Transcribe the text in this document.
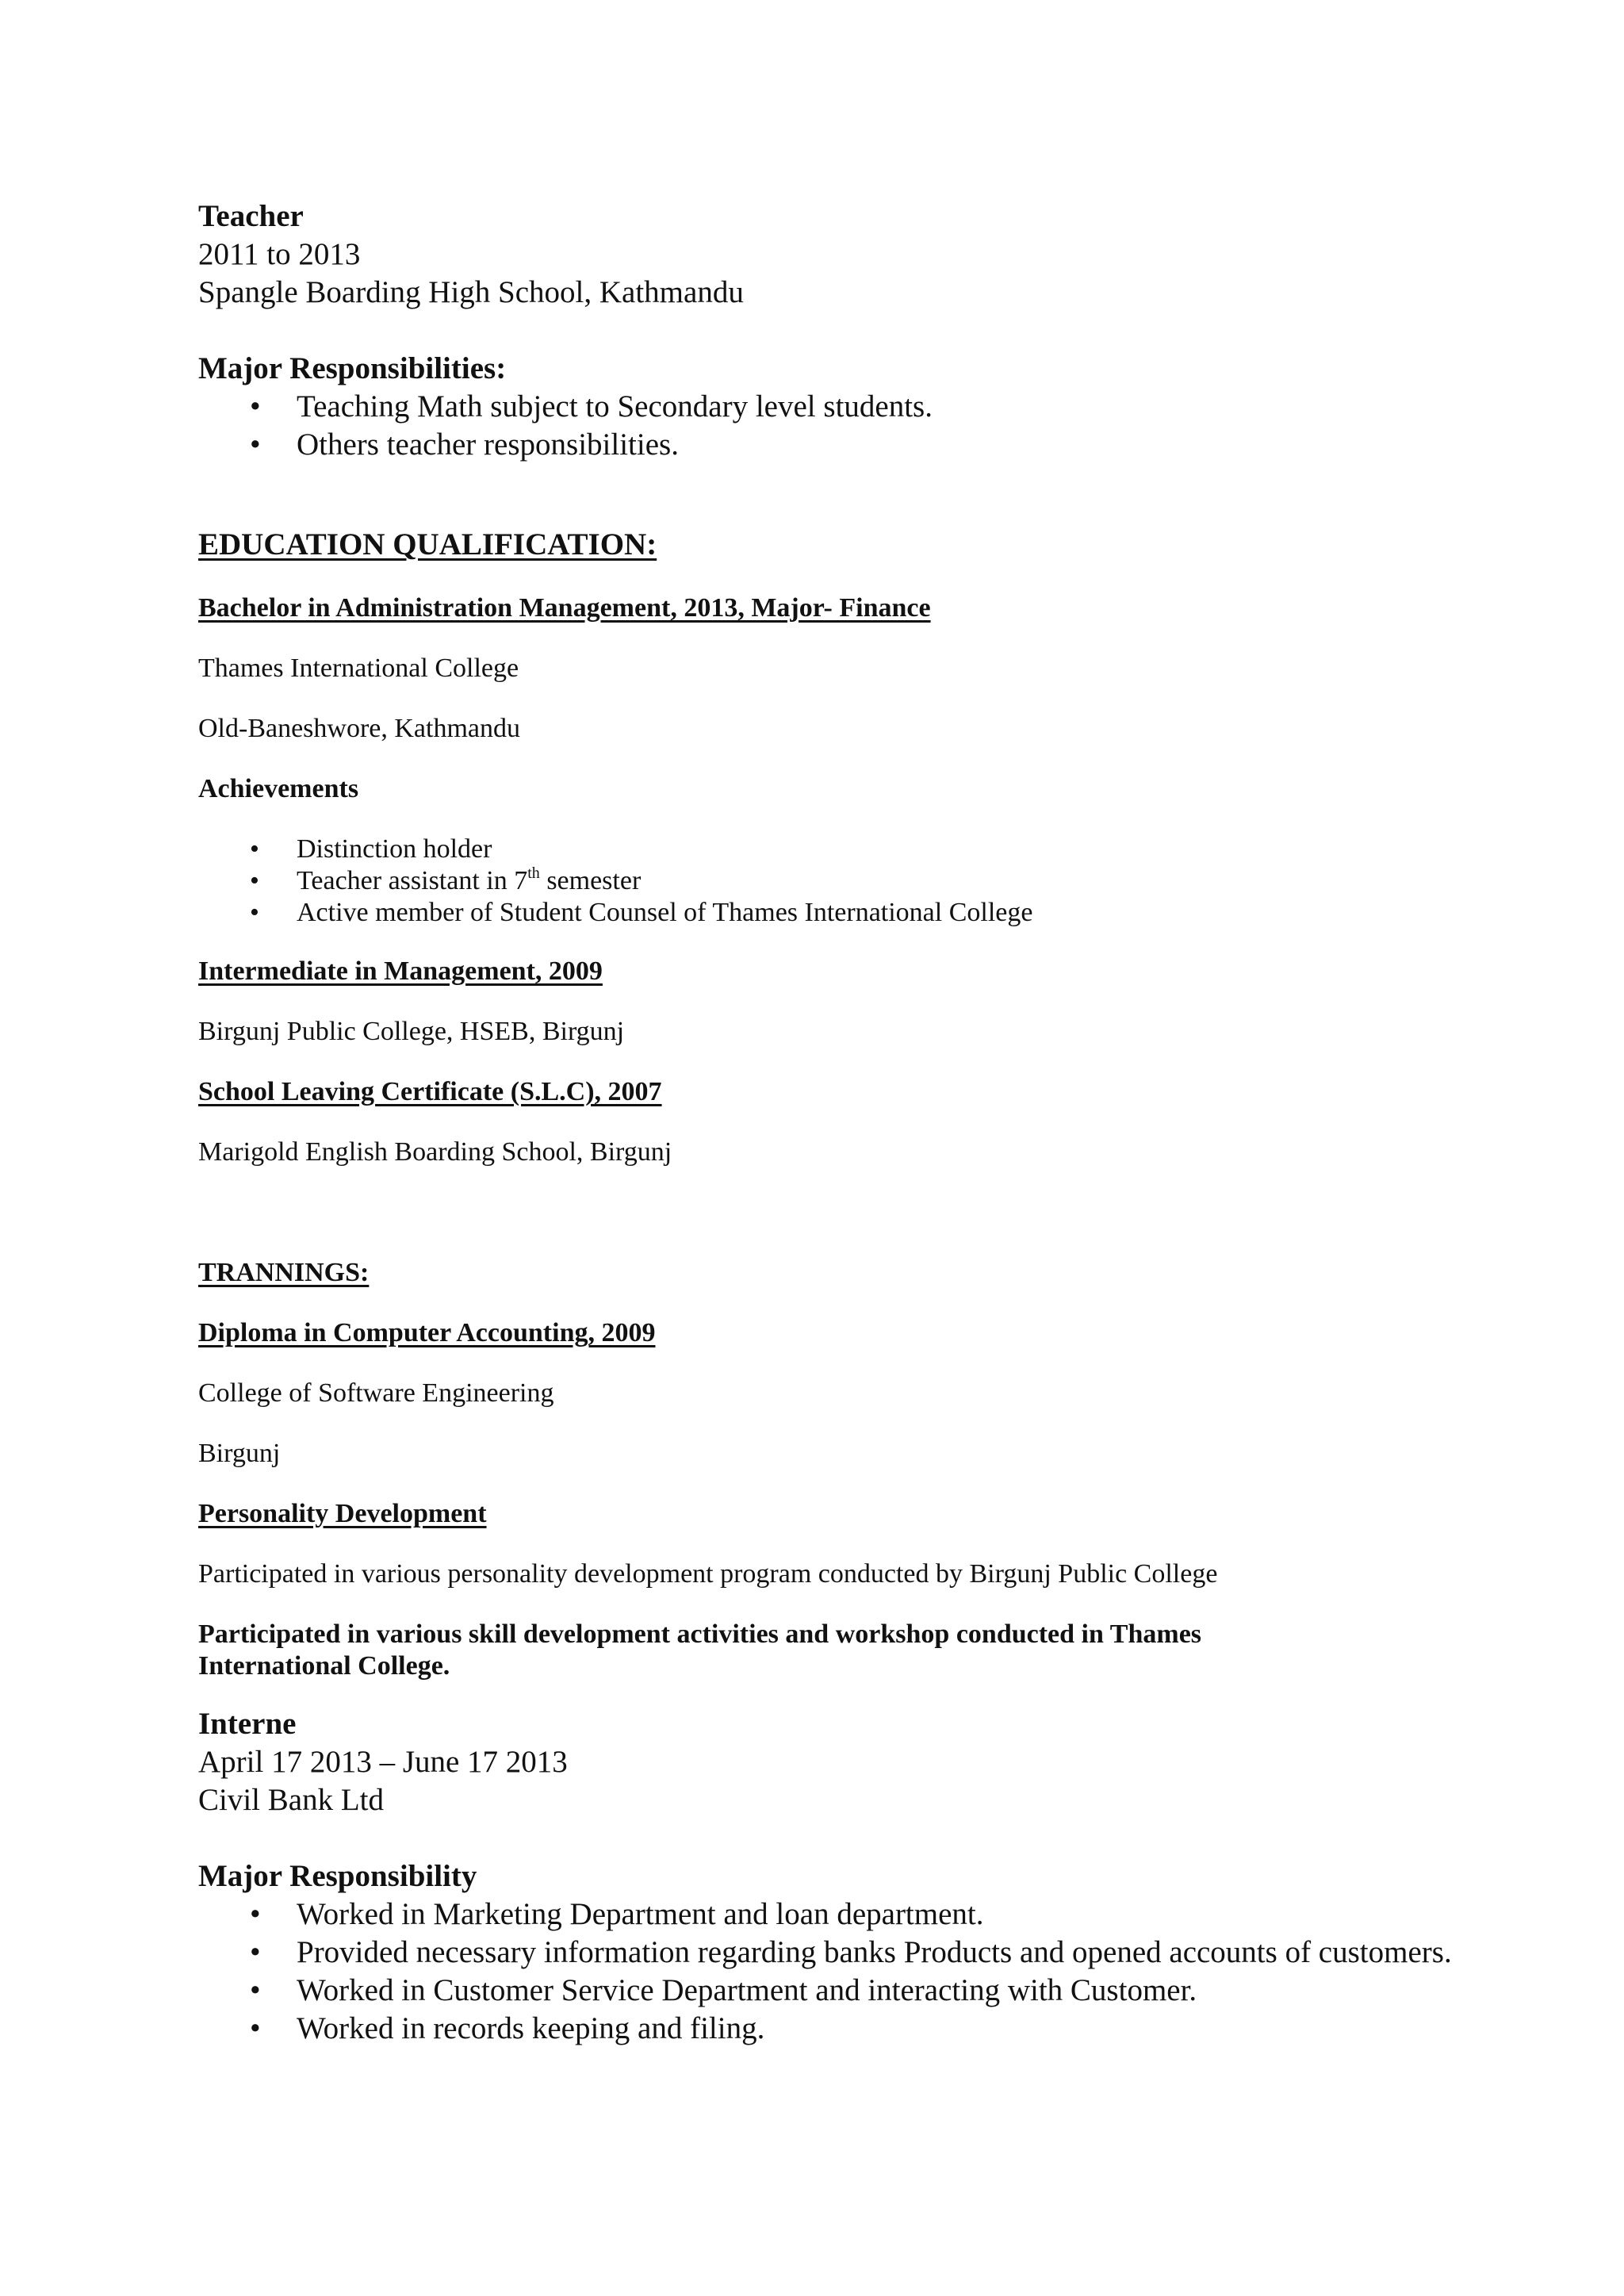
Teacher
2011 to 2013
Spangle Boarding High School, Kathmandu
Major Responsibilities:
• Teaching Math subject to Secondary level students.
• Others teacher responsibilities.
EDUCATION QUALIFICATION:
Bachelor in Administration Management, 2013, Major- Finance
Thames International College
Old-Baneshwore, Kathmandu
Achievements
• Distinction holder
• Teacher assistant in 7th semester
• Active member of Student Counsel of Thames International College
Intermediate in Management, 2009
Birgunj Public College, HSEB, Birgunj
School Leaving Certificate (S.L.C), 2007
Marigold English Boarding School, Birgunj
TRANNINGS:
Diploma in Computer Accounting, 2009
College of Software Engineering
Birgunj
Personality Development
Participated in various personality development program conducted by Birgunj Public College
Participated in various skill development activities and workshop conducted in Thames
International College.
Interne
April 17 2013 – June 17 2013
Civil Bank Ltd
Major Responsibility
• Worked in Marketing Department and loan department.
• Provided necessary information regarding banks Products and opened accounts of customers.
• Worked in Customer Service Department and interacting with Customer.
• Worked in records keeping and filing.
